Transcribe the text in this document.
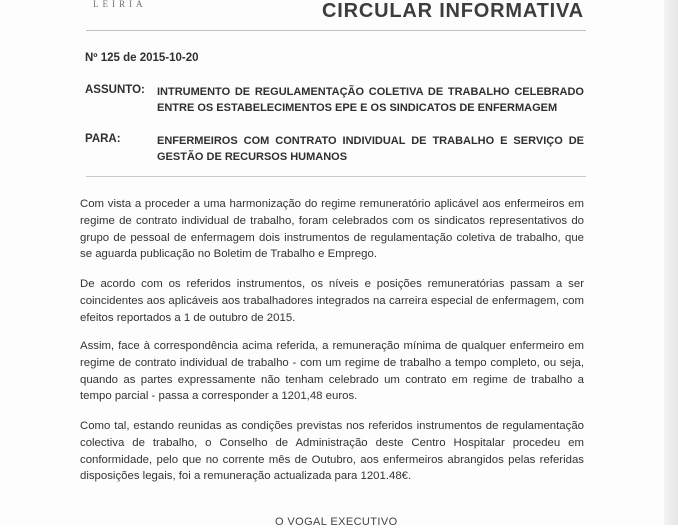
LEIRIA	CIRCULAR INFORMATIVA
Nº 125 de 2015-10-20
ASSUNTO: INTRUMENTO DE REGULAMENTAÇÃO COLETIVA DE TRABALHO CELEBRADO ENTRE OS ESTABELECIMENTOS EPE E OS SINDICATOS DE ENFERMAGEM
PARA:	ENFERMEIROS COM CONTRATO INDIVIDUAL DE TRABALHO E SERVIÇO DE GESTÃO DE RECURSOS HUMANOS
Com vista a proceder a uma harmonização do regime remuneratório aplicável aos enfermeiros em regime de contrato individual de trabalho, foram celebrados com os sindicatos representativos do grupo de pessoal de enfermagem dois instrumentos de regulamentação coletiva de trabalho, que se aguarda publicação no Boletim de Trabalho e Emprego.
De acordo com os referidos instrumentos, os níveis e posições remuneratórias passam a ser coincidentes aos aplicáveis aos trabalhadores integrados na carreira especial de enfermagem, com efeitos reportados a 1 de outubro de 2015.
Assim, face à correspondência acima referida, a remuneração mínima de qualquer enfermeiro em regime de contrato individual de trabalho - com um regime de trabalho a tempo completo, ou seja, quando as partes expressamente não tenham celebrado um contrato em regime de trabalho a tempo parcial - passa a corresponder a 1201,48 euros.
Como tal, estando reunidas as condições previstas nos referidos instrumentos de regulamentação colectiva de trabalho, o Conselho de Administração deste Centro Hospitalar procedeu em conformidade, pelo que no corrente mês de Outubro, aos enfermeiros abrangidos pelas referidas disposições legais, foi a remuneração actualizada para 1201.48€.
O VOGAL EXECUTIVO
